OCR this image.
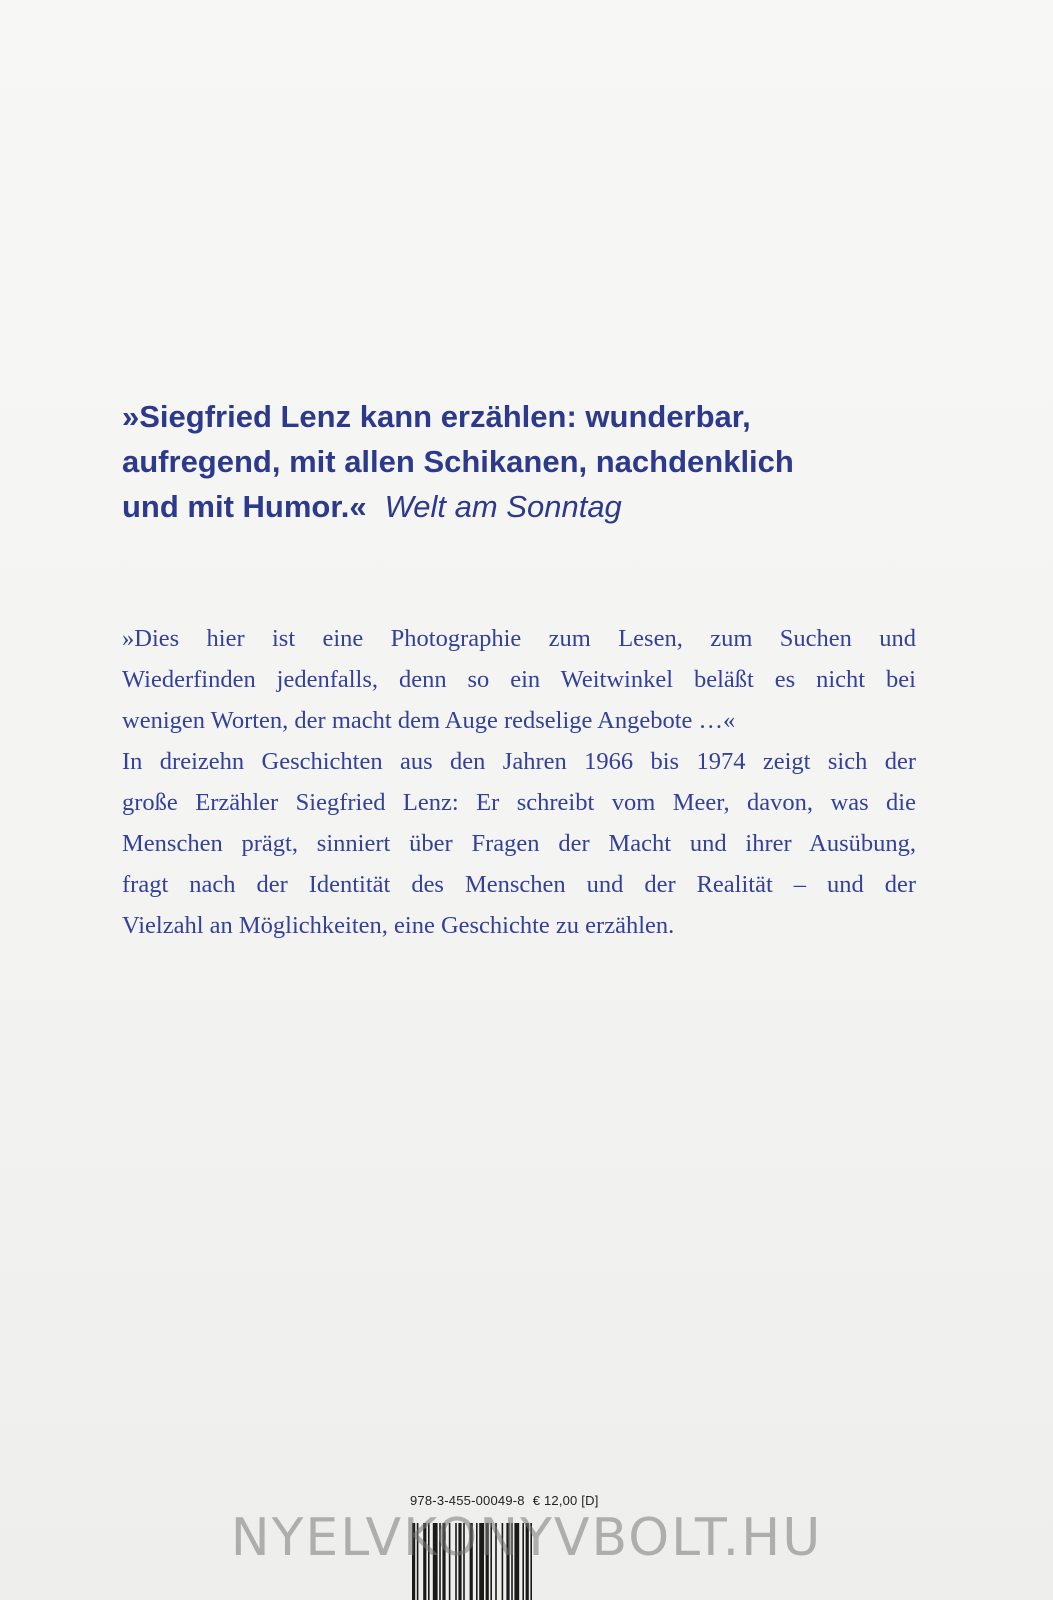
»Siegfried Lenz kann erzählen: wunderbar,
aufregend, mit allen Schikanen, nachdenklich
und mit Humor.« Welt am Sonntag
»Dies hier ist eine Photographie zum Lesen, zum Suchen und
Wiederfinden jedenfalls, denn so ein Weitwinkel beläßt es nicht bei
wenigen Worten, der macht dem Auge redselige Angebote …«
In dreizehn Geschichten aus den Jahren 1966 bis 1974 zeigt sich der
große Erzähler Siegfried Lenz: Er schreibt vom Meer, davon, was die
Menschen prägt, sinniert über Fragen der Macht und ihrer Ausübung,
fragt nach der Identität des Menschen und der Realität – und der
Vielzahl an Möglichkeiten, eine Geschichte zu erzählen.
978-3-455-00049-8 € 12,00 [D]
NYELVKONYVBOLT.HU
